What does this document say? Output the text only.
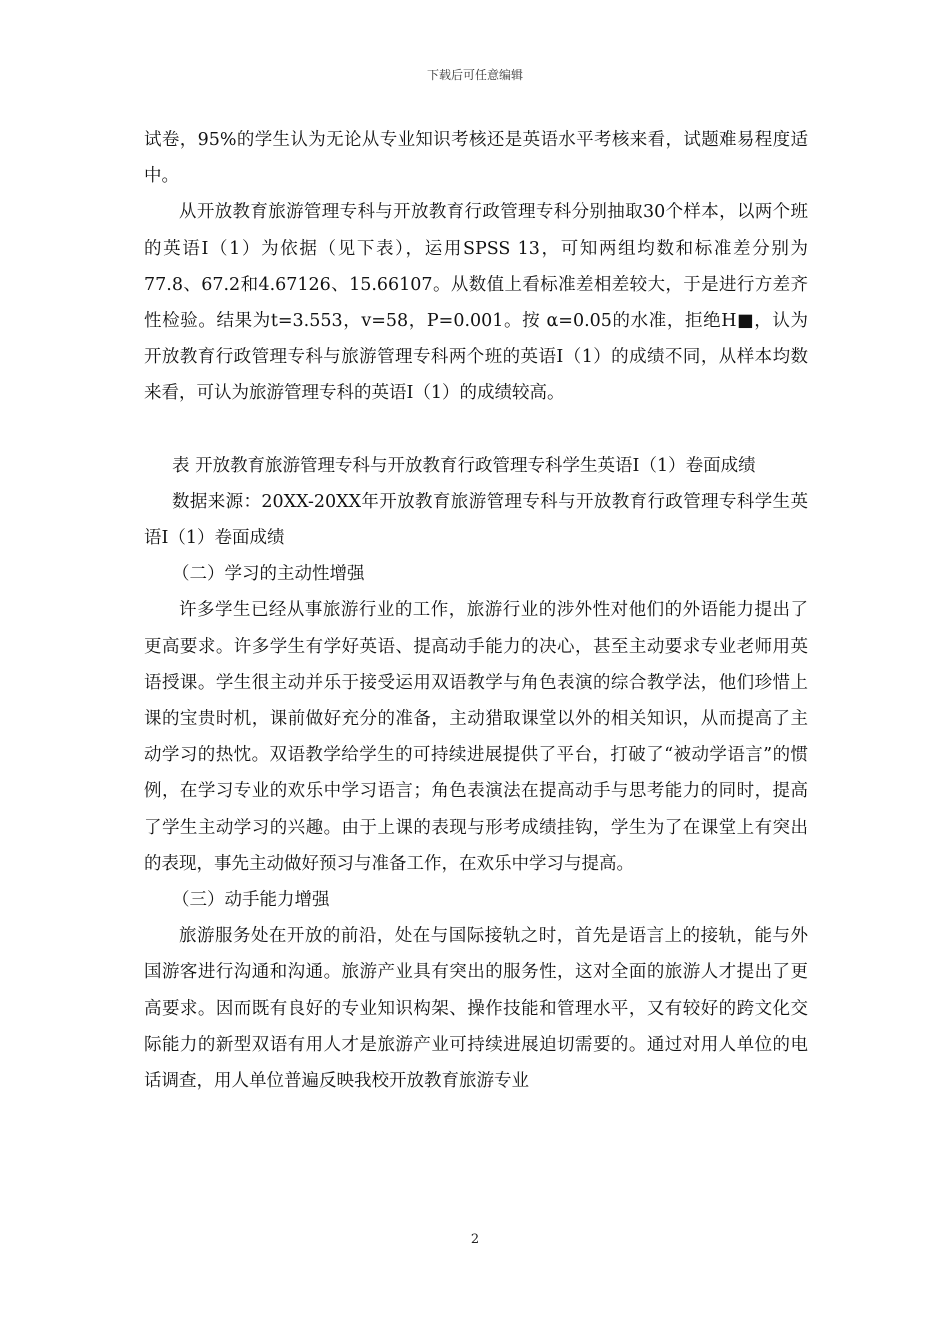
下载后可任意编辑

试卷，95%的学生认为无论从专业知识考核还是英语水平考核来看，试题难易程度适中。

从开放教育旅游管理专科与开放教育行政管理专科分别抽取30个样本，以两个班的英语Ⅰ（1）为依据（见下表），运用SPSS 13，可知两组均数和标准差分别为77.8、67.2和4.67126、15.66107。从数值上看标准差相差较大，于是进行方差齐性检验。结果为t=3.553，v=58，P=0.001。按 α=0.05的水准，拒绝H■，认为开放教育行政管理专科与旅游管理专科两个班的英语Ⅰ（1）的成绩不同，从样本均数来看，可认为旅游管理专科的英语Ⅰ（1）的成绩较高。

表 开放教育旅游管理专科与开放教育行政管理专科学生英语Ⅰ（1）卷面成绩

数据来源：20XX-20XX年开放教育旅游管理专科与开放教育行政管理专科学生英语Ⅰ（1）卷面成绩

（二）学习的主动性增强

许多学生已经从事旅游行业的工作，旅游行业的涉外性对他们的外语能力提出了更高要求。许多学生有学好英语、提高动手能力的决心，甚至主动要求专业老师用英语授课。学生很主动并乐于接受运用双语教学与角色表演的综合教学法，他们珍惜上课的宝贵时机，课前做好充分的准备，主动猎取课堂以外的相关知识，从而提高了主动学习的热忱。双语教学给学生的可持续进展提供了平台，打破了“被动学语言”的惯例，在学习专业的欢乐中学习语言；角色表演法在提高动手与思考能力的同时，提高了学生主动学习的兴趣。由于上课的表现与形考成绩挂钩，学生为了在课堂上有突出的表现，事先主动做好预习与准备工作，在欢乐中学习与提高。

（三）动手能力增强

旅游服务处在开放的前沿，处在与国际接轨之时，首先是语言上的接轨，能与外国游客进行沟通和沟通。旅游产业具有突出的服务性，这对全面的旅游人才提出了更高要求。因而既有良好的专业知识构架、操作技能和管理水平，又有较好的跨文化交际能力的新型双语有用人才是旅游产业可持续进展迫切需要的。通过对用人单位的电话调查，用人单位普遍反映我校开放教育旅游专业

2
